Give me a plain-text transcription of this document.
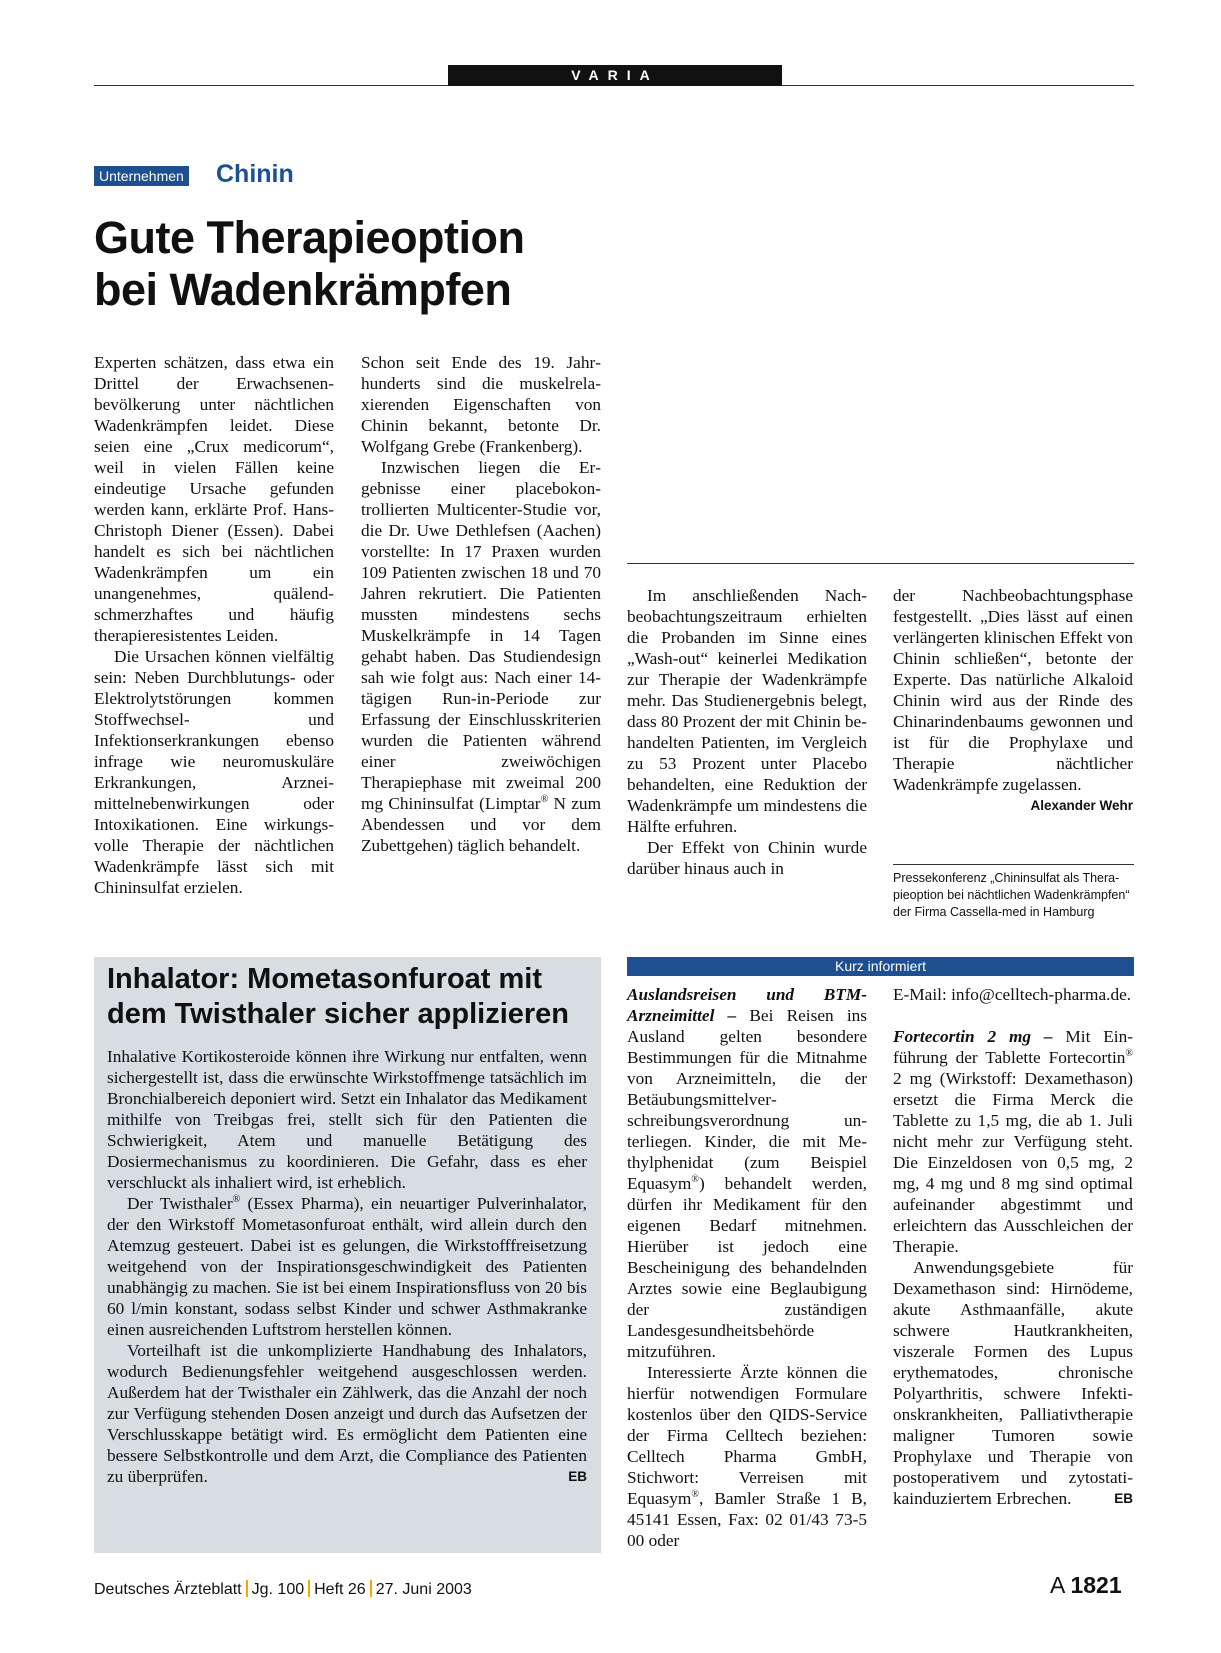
VARIA
Unternehmen Chinin
Gute Therapieoption
bei Wadenkrämpfen

Experten schätzen, dass etwa ein Drittel der Erwachsenenbevölkerung unter nächtlichen Wadenkrämpfen leidet. Diese seien eine „Crux medicorum“, weil in vielen Fällen keine eindeutige Ursache gefunden werden kann, erklärte Prof. Hans-Christoph Diener (Essen). Dabei handelt es sich bei nächtlichen Wadenkrämpfen um ein unangenehmes, quälend-schmerzhaftes und häufig therapieresistentes Leiden.

Die Ursachen können vielfältig sein: Neben Durchblutungs- oder Elektrolytstörungen kommen Stoffwechsel- und Infektionserkrankungen ebenso infrage wie neuromuskuläre Erkrankungen, Arzneimittelnebenwirkungen oder Intoxikationen. Eine wirkungsvolle Therapie der nächtlichen Wadenkrämpfe lässt sich mit Chininsulfat erzielen.

Schon seit Ende des 19. Jahrhunderts sind die muskelrelaxierenden Eigenschaften von Chinin bekannt, betonte Dr. Wolfgang Grebe (Frankenberg).

Inzwischen liegen die Ergebnisse einer placebokontrollierten Multicenter-Studie vor, die Dr. Uwe Dethlefsen (Aachen) vorstellte: In 17 Praxen wurden 109 Patienten zwischen 18 und 70 Jahren rekrutiert. Die Patienten mussten mindestens sechs Muskelkrämpfe in 14 Tagen gehabt haben. Das Studiendesign sah wie folgt aus: Nach einer 14-tägigen Run-in-Periode zur Erfassung der Einschlusskriterien wurden die Patienten während einer zweiwöchigen Therapiephase mit zweimal 200 mg Chininsulfat (Limptar® N zum Abendessen und vor dem Zubettgehen) täglich behandelt.

Im anschließenden Nachbeobachtungszeitraum erhielten die Probanden im Sinne eines „Wash-out“ keinerlei Medikation zur Therapie der Wadenkrämpfe mehr. Das Studienergebnis belegt, dass 80 Prozent der mit Chinin behandelten Patienten, im Vergleich zu 53 Prozent unter Placebo behandelten, eine Reduktion der Wadenkrämpfe um mindestens die Hälfte erfuhren.

Der Effekt von Chinin wurde darüber hinaus auch in

der Nachbeobachtungsphase festgestellt. „Dies lässt auf einen verlängerten klinischen Effekt von Chinin schließen“, betonte der Experte. Das natürliche Alkaloid Chinin wird aus der Rinde des Chinarindenbaums gewonnen und ist für die Prophylaxe und Therapie nächtlicher Wadenkrämpfe zugelassen.
Alexander Wehr

Pressekonferenz „Chininsulfat als Therapieoption bei nächtlichen Wadenkrämpfen“ der Firma Cassella-med in Hamburg
Inhalator: Mometasonfuroat mit
dem Twisthaler sicher applizieren

Inhalative Kortikosteroide können ihre Wirkung nur entfalten, wenn sichergestellt ist, dass die erwünschte Wirkstoffmenge tatsächlich im Bronchialbereich deponiert wird. Setzt ein Inhalator das Medikament mithilfe von Treibgas frei, stellt sich für den Patienten die Schwierigkeit, Atem und manuelle Betätigung des Dosiermechanismus zu koordinieren. Die Gefahr, dass es eher verschluckt als inhaliert wird, ist erheblich.

Der Twisthaler® (Essex Pharma), ein neuartiger Pulverinhalator, der den Wirkstoff Mometasonfuroat enthält, wird allein durch den Atemzug gesteuert. Dabei ist es gelungen, die Wirkstofffreisetzung weitgehend von der Inspirationsgeschwindigkeit des Patienten unabhängig zu machen. Sie ist bei einem Inspirationsfluss von 20 bis 60 l/min konstant, sodass selbst Kinder und schwer Asthmakranke einen ausreichenden Luftstrom herstellen können.

Vorteilhaft ist die unkomplizierte Handhabung des Inhalators, wodurch Bedienungsfehler weitgehend ausgeschlossen werden. Außerdem hat der Twisthaler ein Zählwerk, das die Anzahl der noch zur Verfügung stehenden Dosen anzeigt und durch das Aufsetzen der Verschlusskappe betätigt wird. Es ermöglicht dem Patienten eine bessere Selbstkontrolle und dem Arzt, die Compliance des Patienten zu überprüfen.	EB

Kurz informiert

Auslandsreisen und BTM-Arzneimittel – Bei Reisen ins Ausland gelten besondere Bestimmungen für die Mitnahme von Arzneimitteln, die der Betäubungsmittelverschreibungsverordnung unterliegen. Kinder, die mit Methylphenidat (zum Beispiel Equasym®) behandelt werden, dürfen ihr Medikament für den eigenen Bedarf mitnehmen. Hierüber ist jedoch eine Bescheinigung des behandelnden Arztes sowie eine Beglaubigung der zuständigen Landesgesundheitsbehörde mitzuführen.

Interessierte Ärzte können die hierfür notwendigen Formulare kostenlos über den QIDS-Service der Firma Celltech beziehen: Celltech Pharma GmbH, Stichwort: Verreisen mit Equasym®, Bamler Straße 1 B, 45141 Essen, Fax: 02 01/43 73-5 00 oder

E-Mail: info@celltech-pharma.de.

Fortecortin 2 mg – Mit Einführung der Tablette Fortecortin® 2 mg (Wirkstoff: Dexamethason) ersetzt die Firma Merck die Tablette zu 1,5 mg, die ab 1. Juli nicht mehr zur Verfügung steht. Die Einzeldosen von 0,5 mg, 2 mg, 4 mg und 8 mg sind optimal aufeinander abgestimmt und erleichtern das Ausschleichen der Therapie.

Anwendungsgebiete für Dexamethason sind: Hirnödeme, akute Asthmaanfälle, akute schwere Hautkrankheiten, viszerale Formen des Lupus erythematodes, chronische Polyarthritis, schwere Infektionskrankheiten, Palliativtherapie maligner Tumoren sowie Prophylaxe und Therapie von postoperativem und zytostatikainduziertem Erbrechen.	EB

Deutsches Ärzteblatt Jg. 100 Heft 26 27. Juni 2003	A 1821
